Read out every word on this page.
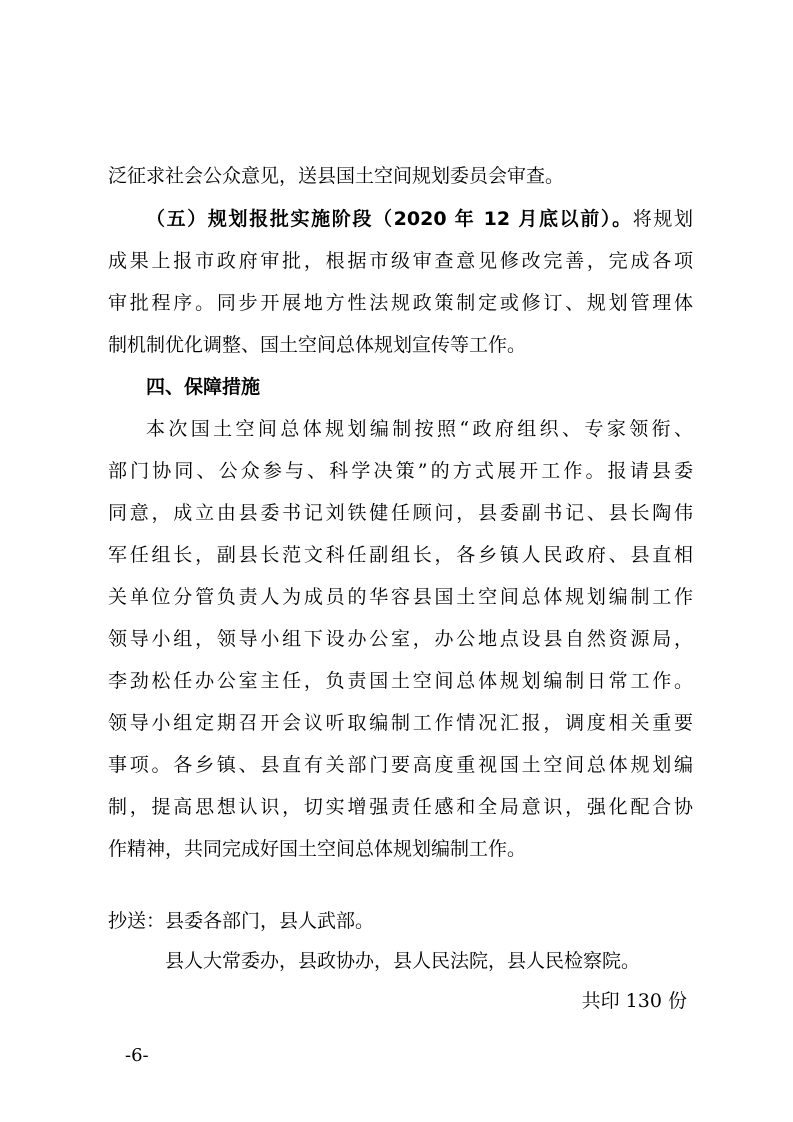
泛征求社会公众意见，送县国土空间规划委员会审查。
（五）规划报批实施阶段（2020 年 12 月底以前）。将规划
成果上报市政府审批，根据市级审查意见修改完善，完成各项
审批程序。同步开展地方性法规政策制定或修订、规划管理体
制机制优化调整、国土空间总体规划宣传等工作。
四、保障措施
本次国土空间总体规划编制按照“政府组织、专家领衔、
部门协同、公众参与、科学决策”的方式展开工作。报请县委
同意，成立由县委书记刘铁健任顾问，县委副书记、县长陶伟
军任组长，副县长范文科任副组长，各乡镇人民政府、县直相
关单位分管负责人为成员的华容县国土空间总体规划编制工作
领导小组，领导小组下设办公室，办公地点设县自然资源局，
李劲松任办公室主任，负责国土空间总体规划编制日常工作。
领导小组定期召开会议听取编制工作情况汇报，调度相关重要
事项。各乡镇、县直有关部门要高度重视国土空间总体规划编
制，提高思想认识，切实增强责任感和全局意识，强化配合协
作精神，共同完成好国土空间总体规划编制工作。
抄送：县委各部门，县人武部。
县人大常委办，县政协办，县人民法院，县人民检察院。
共印 130 份
-6-
